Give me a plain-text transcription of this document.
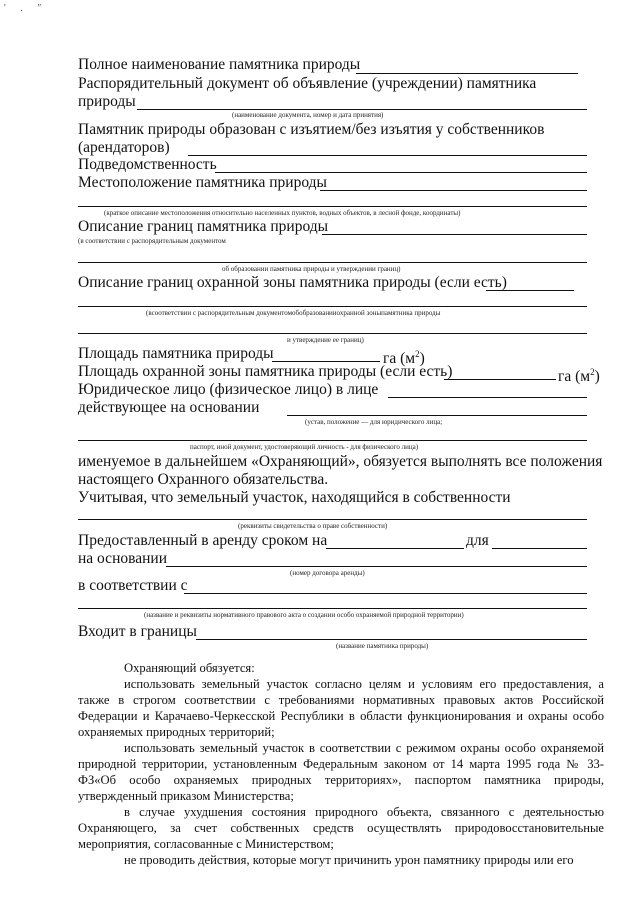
' . ʺ
Полное наименование памятника природы
Распорядительный документ об объявление (учреждении) памятника
природы
(наименование документа, номер и дата принятия)
Памятник природы образован с изъятием/без изъятия у собственников
(арендаторов)
Подведомственность
Местоположение памятника природы
(краткое описание местоположения относительно населенных пунктов, водных объектов, в лесной фонде, координаты)
Описание границ памятника природы
(в соответствии с распорядительным документом
об образовании памятника природы и утверждении границ)
Описание границ охранной зоны памятника природы (если есть)
(всоответствии с распорядительным документомобобразованииохранной зоныпамятника природы
и утверждение ее границ)
Площадь памятника природы	га $(м^2)$
Площадь охранной зоны памятника природы (если есть)	га $(м^2)$
Юридическое лицо (физическое лицо) в лице
действующее на основании
(устав, положение — для юридического лица;
паспорт, иной документ, удостоверяющий личность - для физического лица)
именуемое в дальнейшем «Охраняющий», обязуется выполнять все положения
настоящего Охранного обязательства.
Учитывая, что земельный участок, находящийся в собственности
(реквизиты свидетельства о праве собственности)
Предоставленный в аренду сроком на	для
на основании
(номер договора аренды)
в соответствии с
(название и реквизиты нормативного правового акта о создании особо охраняемой природной территории)
Входит в границы
(название памятника природы)

Охраняющий обязуется:

использовать земельный участок согласно целям и условиям его предоставления, а также в строгом соответствии с требованиями нормативных правовых актов Российской Федерации и Карачаево-Черкесской Республики в области функционирования и охраны особо охраняемых природных территорий;

использовать земельный участок в соответствии с режимом охраны особо охраняемой природной территории, установленным Федеральным законом от 14 марта 1995 года № 33-ФЗ«Об особо охраняемых природных территориях», паспортом памятника природы, утвержденный приказом Министерства;

в случае ухудшения состояния природного объекта, связанного с деятельностью Охраняющего, за счет собственных средств осуществлять природовосстановительные мероприятия, согласованные с Министерством;

не проводить действия, которые могут причинить урон памятнику природы или его
